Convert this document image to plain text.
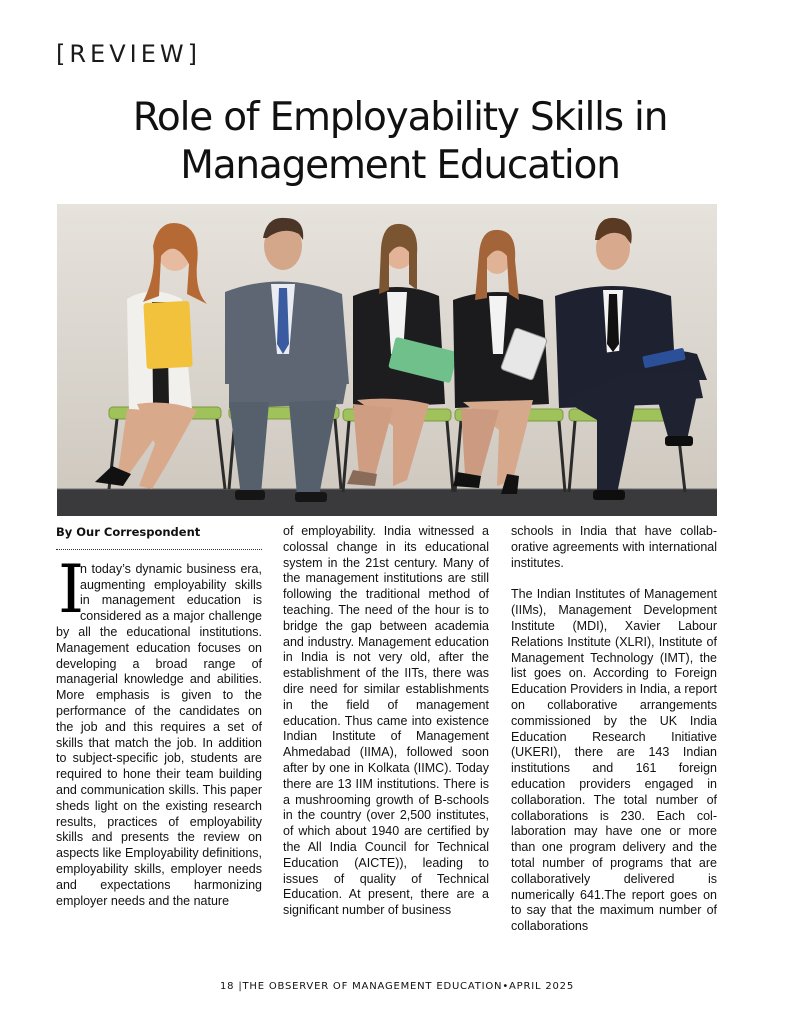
[REVIEW]
Role of Employability Skills in
Management Education
By Our Correspondent

I
n today’s dynamic business era, augmenting employability skills in management education is considered as a major challenge by all the educational institutions. Management education focuses on developing a broad range of managerial knowledge and abilities. More emphasis is given to the performance of the candidates on the job and this requires a set of skills that match the job. In addition to subject-specific job, students are required to hone their team building and communication skills. This paper sheds light on the existing research results, practices of employability skills and presents the review on aspects like Employability definitions, employability skills, employer needs and expectations harmonizing employer needs and the nature

of employability. India witnessed a colossal change in its educational system in the 21st century. Many of the management institutions are still following the traditional method of teaching. The need of the hour is to bridge the gap between academia and industry. Management education in India is not very old, after the establishment of the IITs, there was dire need for similar establishments in the field of management education. Thus came into existence Indian Institute of Management Ahmedabad (IIMA), followed soon after by one in Kolkata (IIMC). Today there are 13 IIM institutions. There is a mushrooming growth of B-schools in the country (over 2,500 institutes, of which about 1940 are certified by the All India Council for Technical Education (AICTE)), leading to issues of quality of Technical Education. At present, there are a significant number of business

schools in India that have collaborative agreements with international institutes.

The Indian Institutes of Management (IIMs), Management Development Institute (MDI), Xavier Labour Relations Institute (XLRI), Institute of Management Technology (IMT), the list goes on. According to Foreign Education Providers in India, a report on collaborative arrangements commissioned by the UK India Education Research Initiative (UKERI), there are 143 Indian institutions and 161 foreign education providers engaged in collaboration. The total number of collaborations is 230. Each collaboration may have one or more than one program delivery and the total number of programs that are collaboratively delivered is numerically 641.The report goes on to say that the maximum number of collaborations

18 |THE OBSERVER OF MANAGEMENT EDUCATION•APRIL 2025
